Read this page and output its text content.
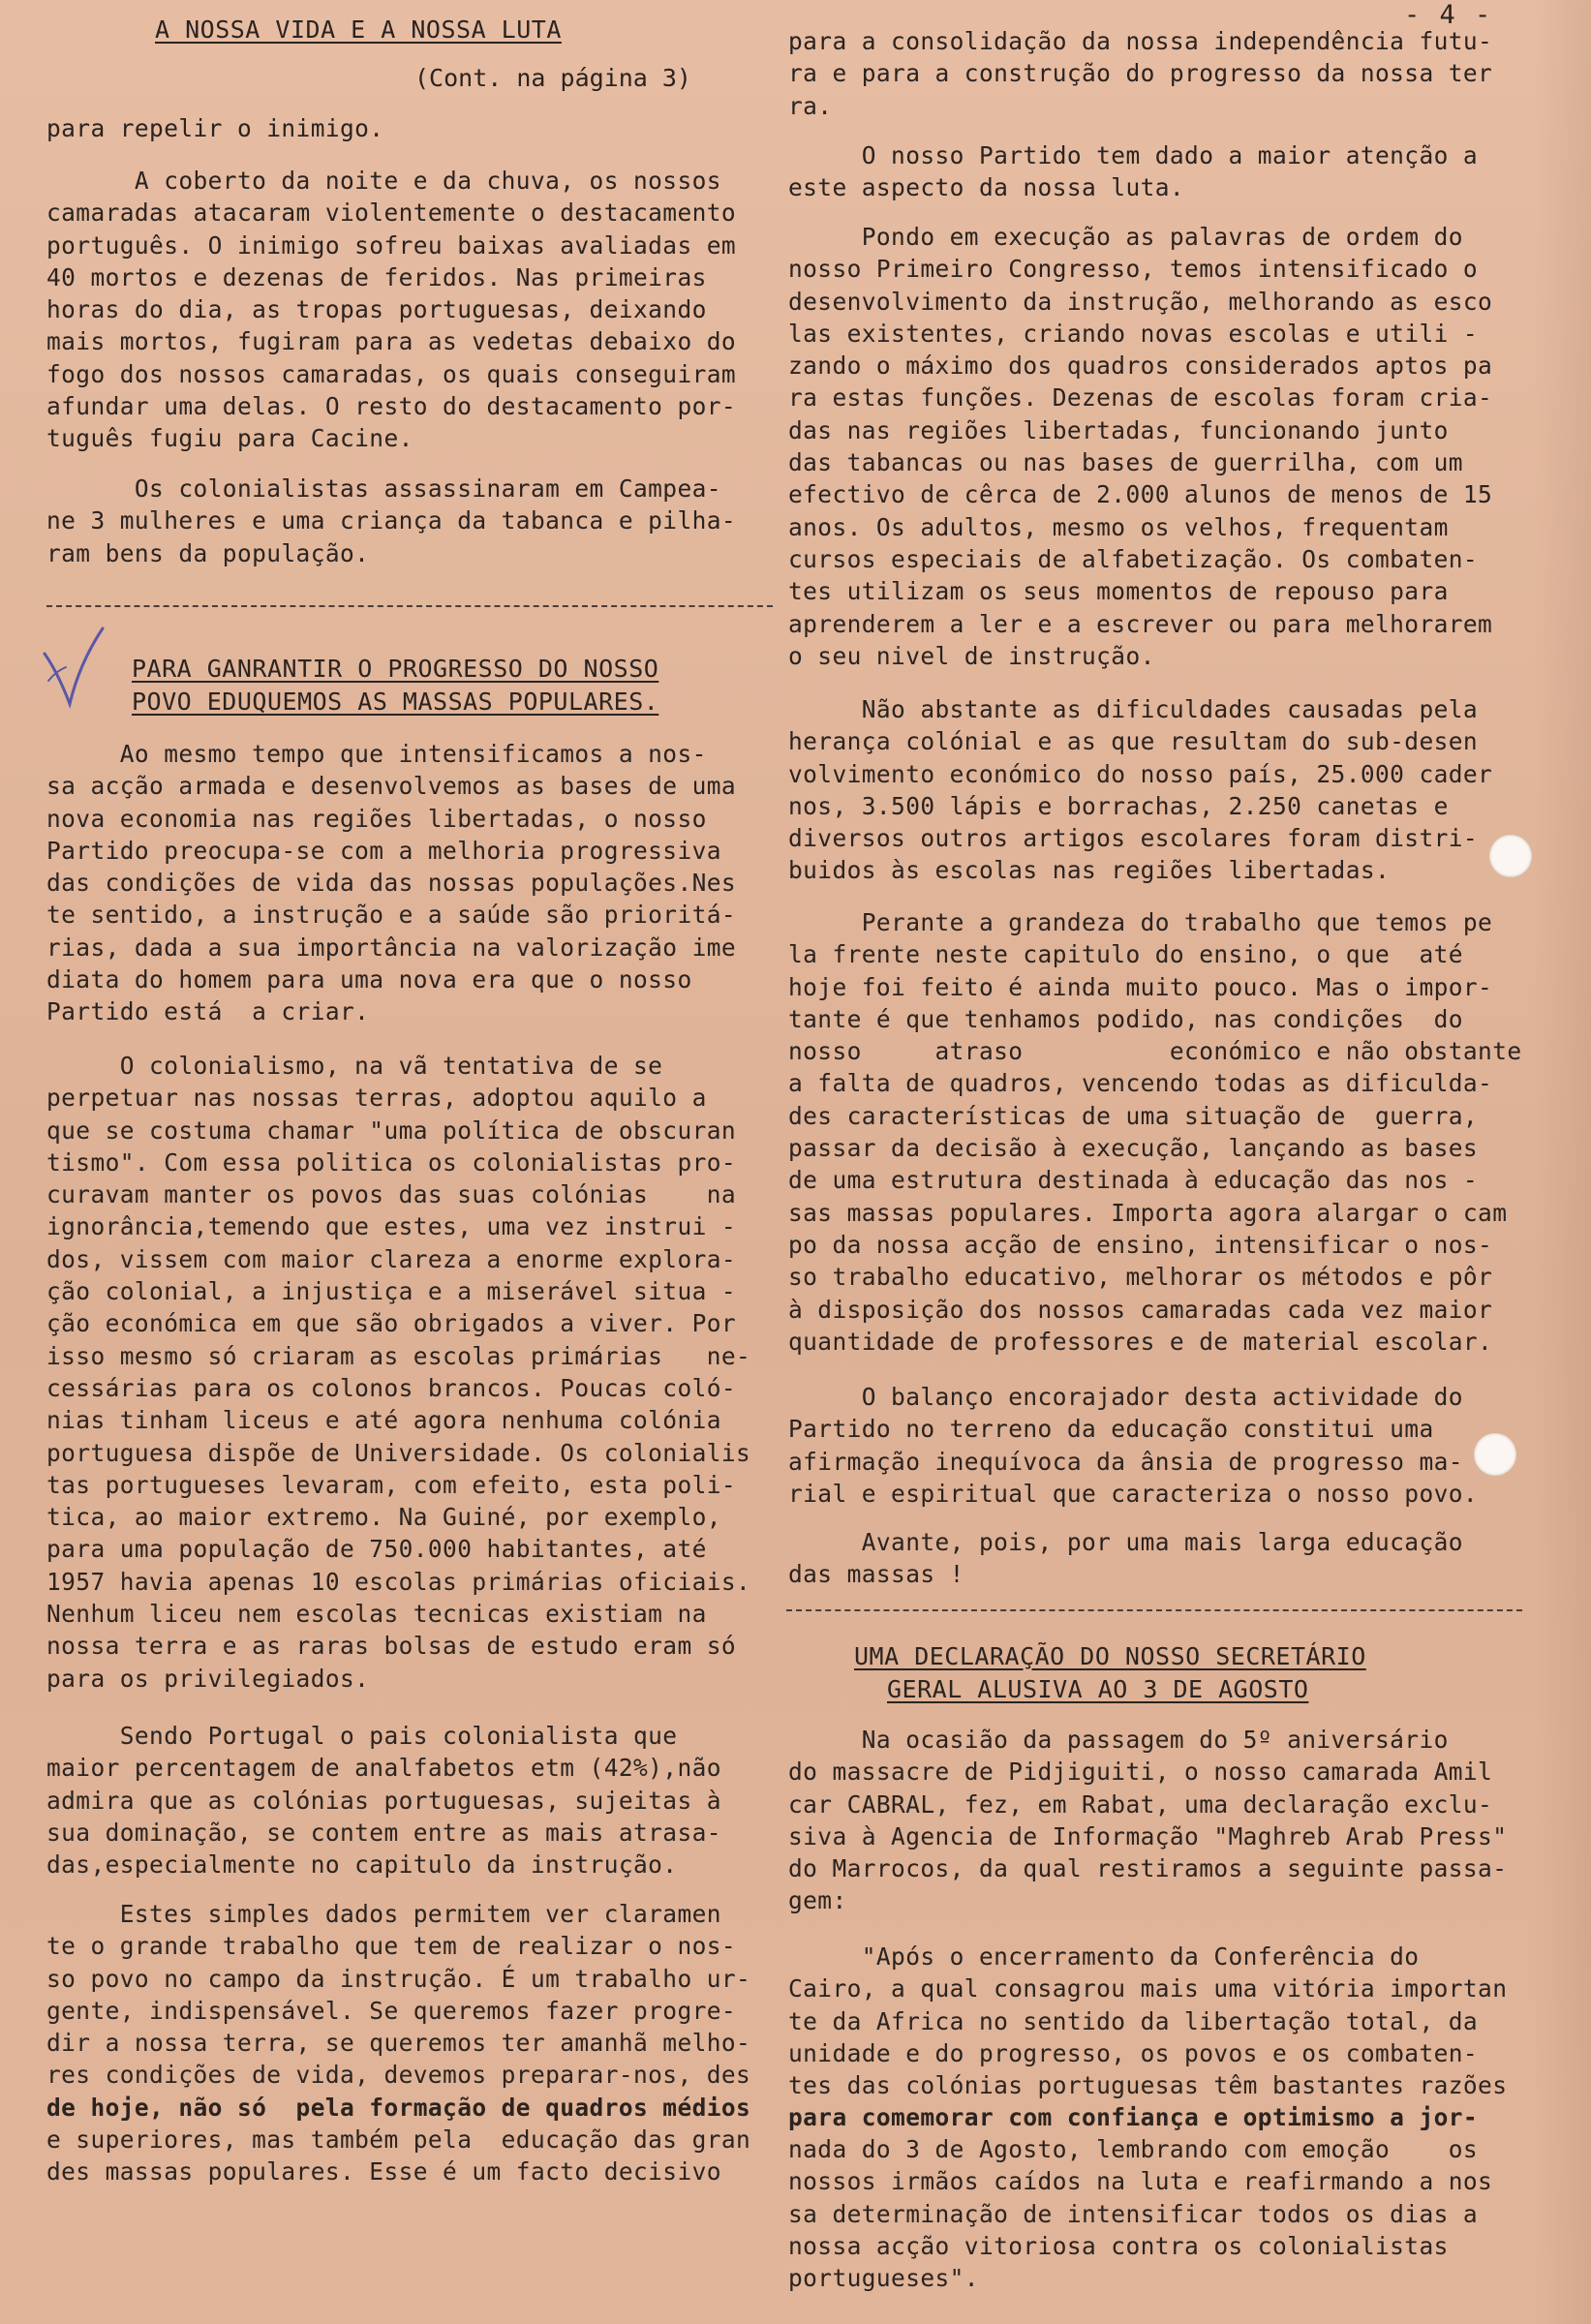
- 4 -
A NOSSA VIDA E A NOSSA LUTA
(Cont. na página 3)
para repelir o inimigo.
A coberto da noite e da chuva, os nossos
camaradas atacaram violentemente o destacamento
português. O inimigo sofreu baixas avaliadas em
40 mortos e dezenas de feridos. Nas primeiras
horas do dia, as tropas portuguesas, deixando
mais mortos, fugiram para as vedetas debaixo do
fogo dos nossos camaradas, os quais conseguiram
afundar uma delas. O resto do destacamento por-
tuguês fugiu para Cacine.
Os colonialistas assassinaram em Campea-
ne 3 mulheres e uma criança da tabanca e pilha-
ram bens da população.
PARA GANRANTIR O PROGRESSO DO NOSSO
POVO EDUQUEMOS AS MASSAS POPULARES.
Ao mesmo tempo que intensificamos a nos-
sa acção armada e desenvolvemos as bases de uma
nova economia nas regiões libertadas, o nosso
Partido preocupa-se com a melhoria progressiva
das condições de vida das nossas populações.Nes
te sentido, a instrução e a saúde são prioritá-
rias, dada a sua importância na valorização ime
diata do homem para uma nova era que o nosso
Partido está  a criar.
O colonialismo, na vã tentativa de se
perpetuar nas nossas terras, adoptou aquilo a
que se costuma chamar "uma política de obscuran
tismo". Com essa politica os colonialistas pro-
curavam manter os povos das suas colónias    na
ignorância,temendo que estes, uma vez instrui -
dos, vissem com maior clareza a enorme explora-
ção colonial, a injustiça e a miserável situa -
ção económica em que são obrigados a viver. Por
isso mesmo só criaram as escolas primárias   ne-
cessárias para os colonos brancos. Poucas coló-
nias tinham liceus e até agora nenhuma colónia
portuguesa dispõe de Universidade. Os colonialis
tas portugueses levaram, com efeito, esta poli-
tica, ao maior extremo. Na Guiné, por exemplo,
para uma população de 750.000 habitantes, até
1957 havia apenas 10 escolas primárias oficiais.
Nenhum liceu nem escolas tecnicas existiam na
nossa terra e as raras bolsas de estudo eram só
para os privilegiados.
Sendo Portugal o pais colonialista que
maior percentagem de analfabetos etm (42%),não
admira que as colónias portuguesas, sujeitas à
sua dominação, se contem entre as mais atrasa-
das,especialmente no capitulo da instrução.
Estes simples dados permitem ver claramen
te o grande trabalho que tem de realizar o nos-
so povo no campo da instrução. É um trabalho ur-
gente, indispensável. Se queremos fazer progre-
dir a nossa terra, se queremos ter amanhã melho-
res condições de vida, devemos preparar-nos, des
de hoje, não só  pela formação de quadros médios
e superiores, mas também pela  educação das gran
des massas populares. Esse é um facto decisivo
para a consolidação da nossa independência futu-
ra e para a construção do progresso da nossa ter
ra.
O nosso Partido tem dado a maior atenção a
este aspecto da nossa luta.
Pondo em execução as palavras de ordem do
nosso Primeiro Congresso, temos intensificado o
desenvolvimento da instrução, melhorando as esco
las existentes, criando novas escolas e utili -
zando o máximo dos quadros considerados aptos pa
ra estas funções. Dezenas de escolas foram cria-
das nas regiões libertadas, funcionando junto
das tabancas ou nas bases de guerrilha, com um
efectivo de cêrca de 2.000 alunos de menos de 15
anos. Os adultos, mesmo os velhos, frequentam
cursos especiais de alfabetização. Os combaten-
tes utilizam os seus momentos de repouso para
aprenderem a ler e a escrever ou para melhorarem
o seu nivel de instrução.
Não abstante as dificuldades causadas pela
herança colónial e as que resultam do sub-desen
volvimento económico do nosso país, 25.000 cader
nos, 3.500 lápis e borrachas, 2.250 canetas e
diversos outros artigos escolares foram distri-
buidos às escolas nas regiões libertadas.
Perante a grandeza do trabalho que temos pe
la frente neste capitulo do ensino, o que  até
hoje foi feito é ainda muito pouco. Mas o impor-
tante é que tenhamos podido, nas condições  do
nosso     atraso          económico e não obstante
a falta de quadros, vencendo todas as dificulda-
des características de uma situação de  guerra,
passar da decisão à execução, lançando as bases
de uma estrutura destinada à educação das nos -
sas massas populares. Importa agora alargar o cam
po da nossa acção de ensino, intensificar o nos-
so trabalho educativo, melhorar os métodos e pôr
à disposição dos nossos camaradas cada vez maior
quantidade de professores e de material escolar.
O balanço encorajador desta actividade do
Partido no terreno da educação constitui uma
afirmação inequívoca da ânsia de progresso ma-
rial e espiritual que caracteriza o nosso povo.
Avante, pois, por uma mais larga educação
das massas !
UMA DECLARAÇÃO DO NOSSO SECRETÁRIO
GERAL ALUSIVA AO 3 DE AGOSTO
Na ocasião da passagem do 5º aniversário
do massacre de Pidjiguiti, o nosso camarada Amil
car CABRAL, fez, em Rabat, uma declaração exclu-
siva à Agencia de Informação "Maghreb Arab Press"
do Marrocos, da qual restiramos a seguinte passa-
gem:
"Após o encerramento da Conferência do
Cairo, a qual consagrou mais uma vitória importan
te da Africa no sentido da libertação total, da
unidade e do progresso, os povos e os combaten-
tes das colónias portuguesas têm bastantes razões
para comemorar com confiança e optimismo a jor-
nada do 3 de Agosto, lembrando com emoção    os
nossos irmãos caídos na luta e reafirmando a nos
sa determinação de intensificar todos os dias a
nossa acção vitoriosa contra os colonialistas
portugueses".
